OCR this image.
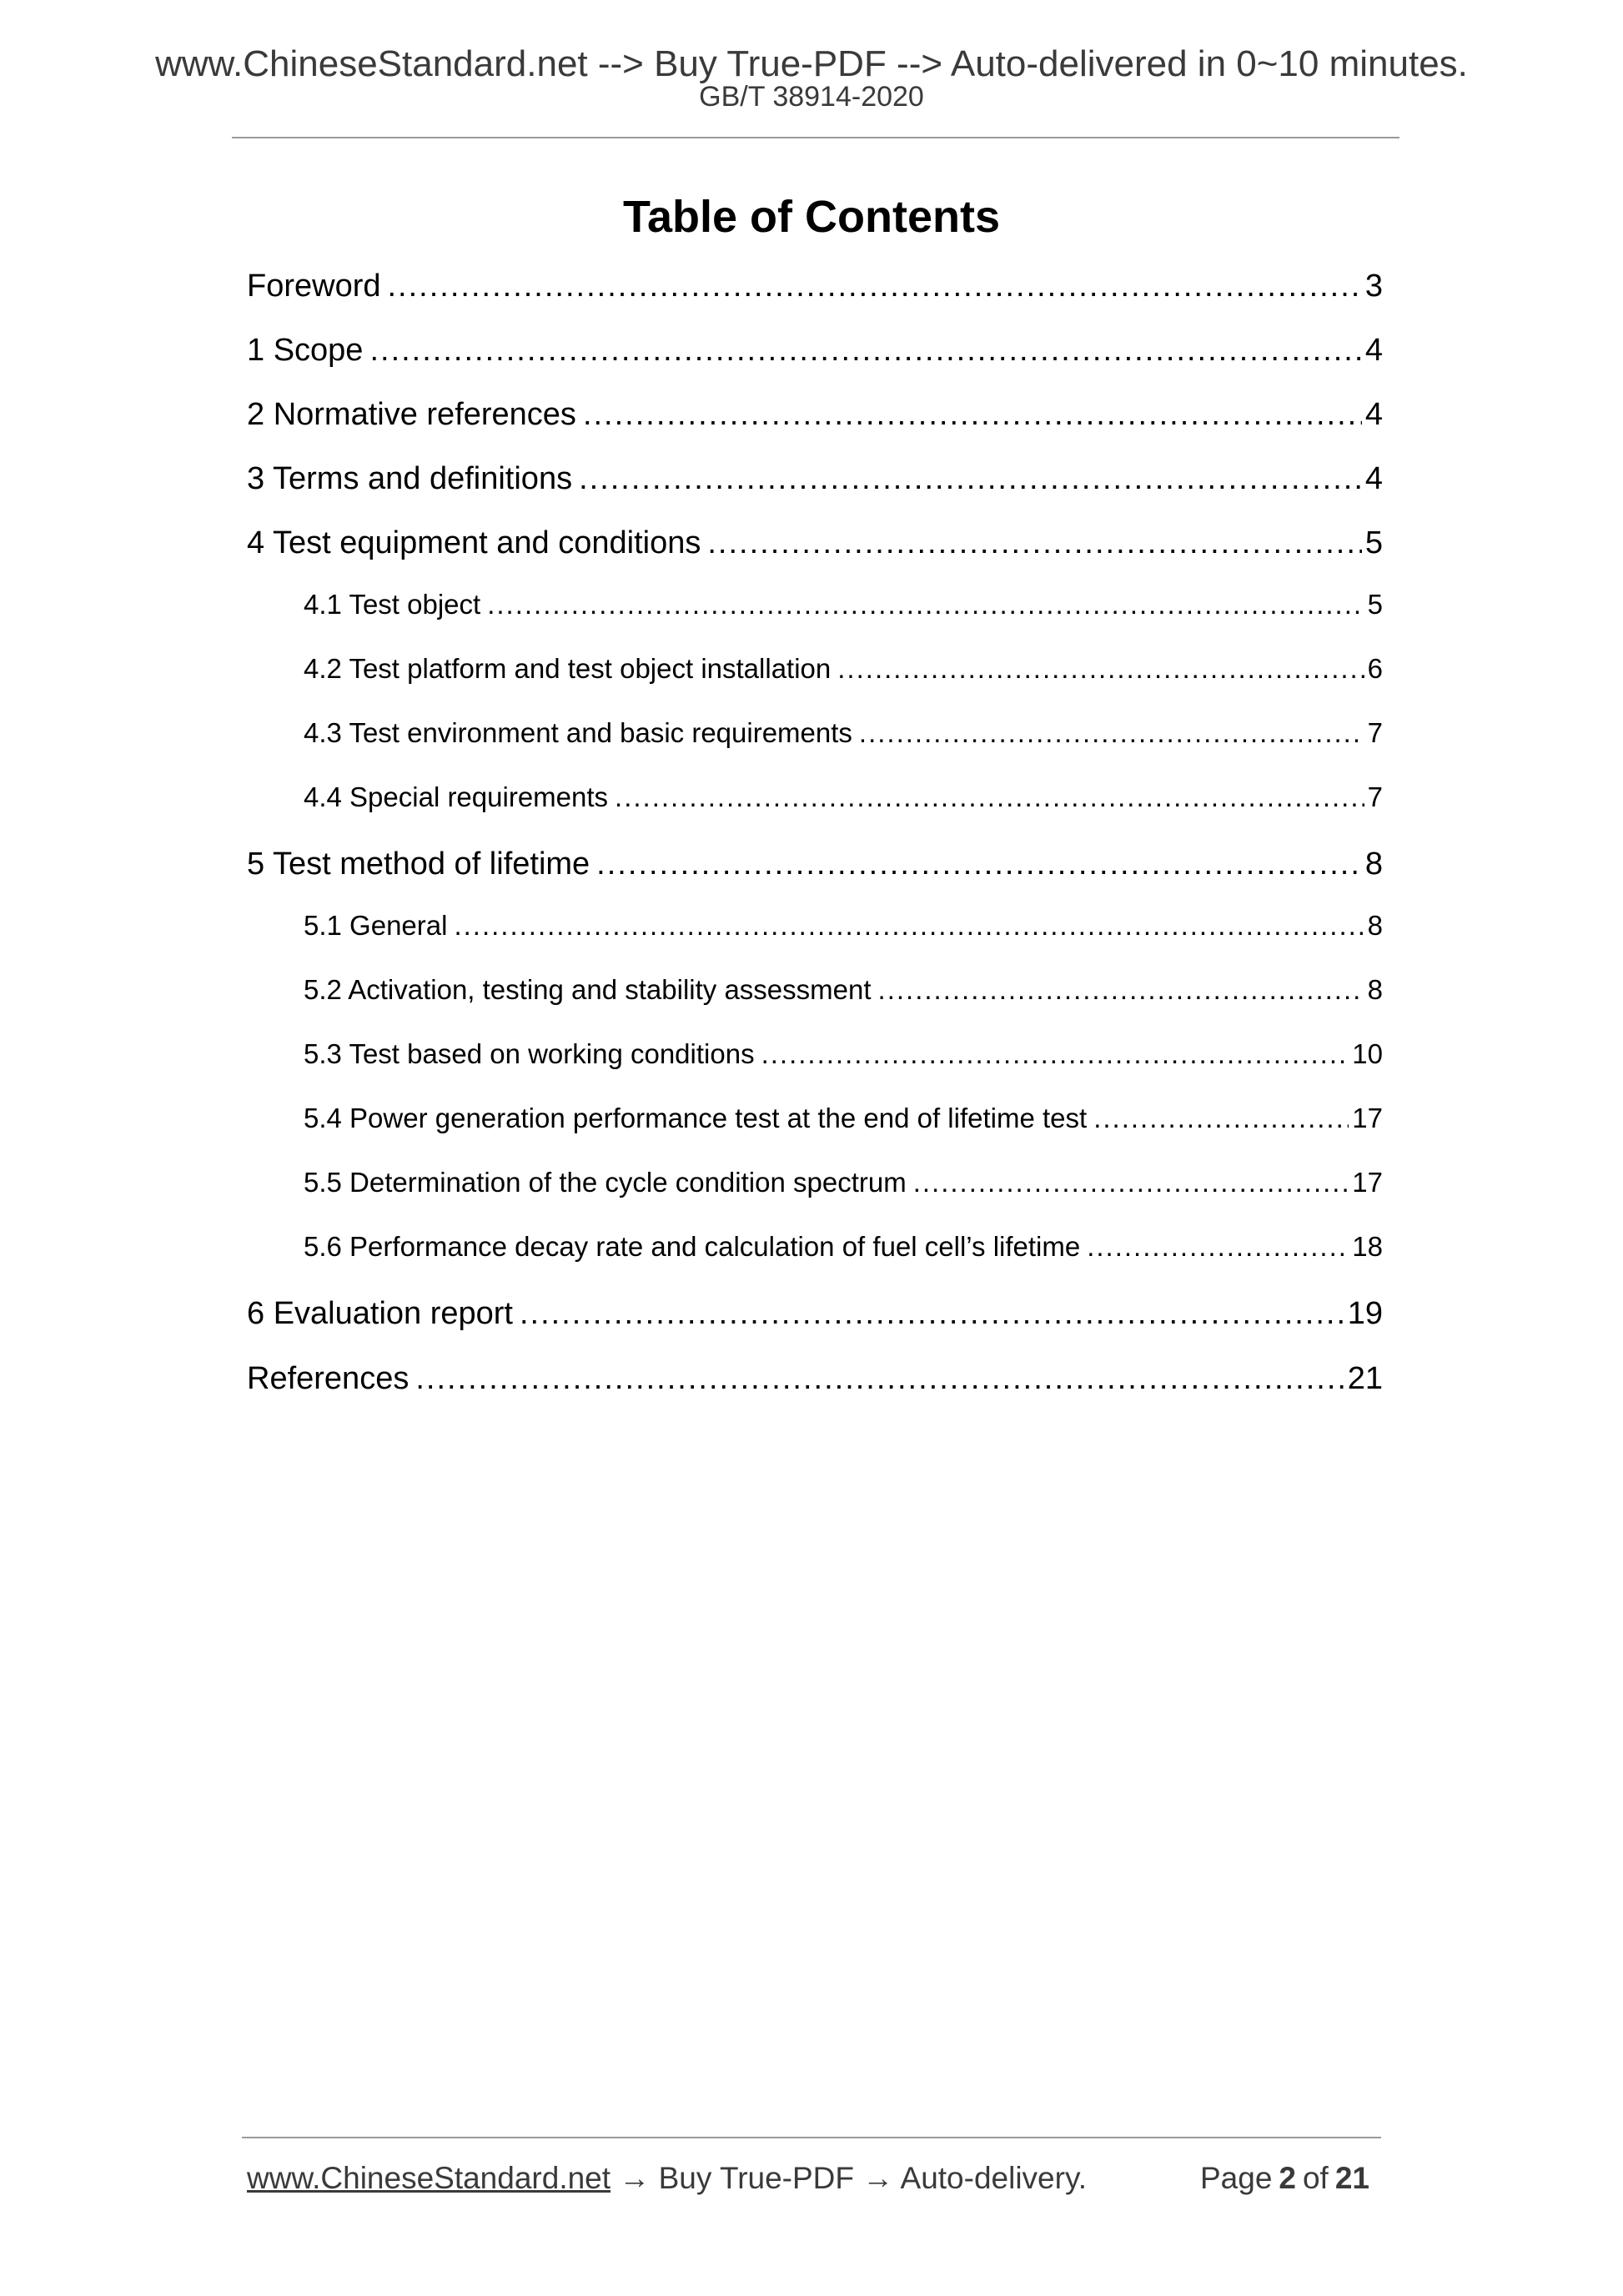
www.ChineseStandard.net --> Buy True-PDF --> Auto-delivered in 0~10 minutes.
GB/T 38914-2020
Table of Contents
Foreword .....	3
1 Scope .....	4
2 Normative references .....	4
3 Terms and definitions .....	4
4 Test equipment and conditions .....	5
4.1 Test object .....	5
4.2 Test platform and test object installation .....	6
4.3 Test environment and basic requirements .....	7
4.4 Special requirements .....	7
5 Test method of lifetime .....	8
5.1 General .....	8
5.2 Activation, testing and stability assessment .....	8
5.3 Test based on working conditions .....	10
5.4 Power generation performance test at the end of lifetime test .....	17
5.5 Determination of the cycle condition spectrum .....	17
5.6 Performance decay rate and calculation of fuel cell’s lifetime .....	18
6 Evaluation report .....	19
References .....	21
www.ChineseStandard.net → Buy True-PDF → Auto-delivery.	Page 2 of 21
